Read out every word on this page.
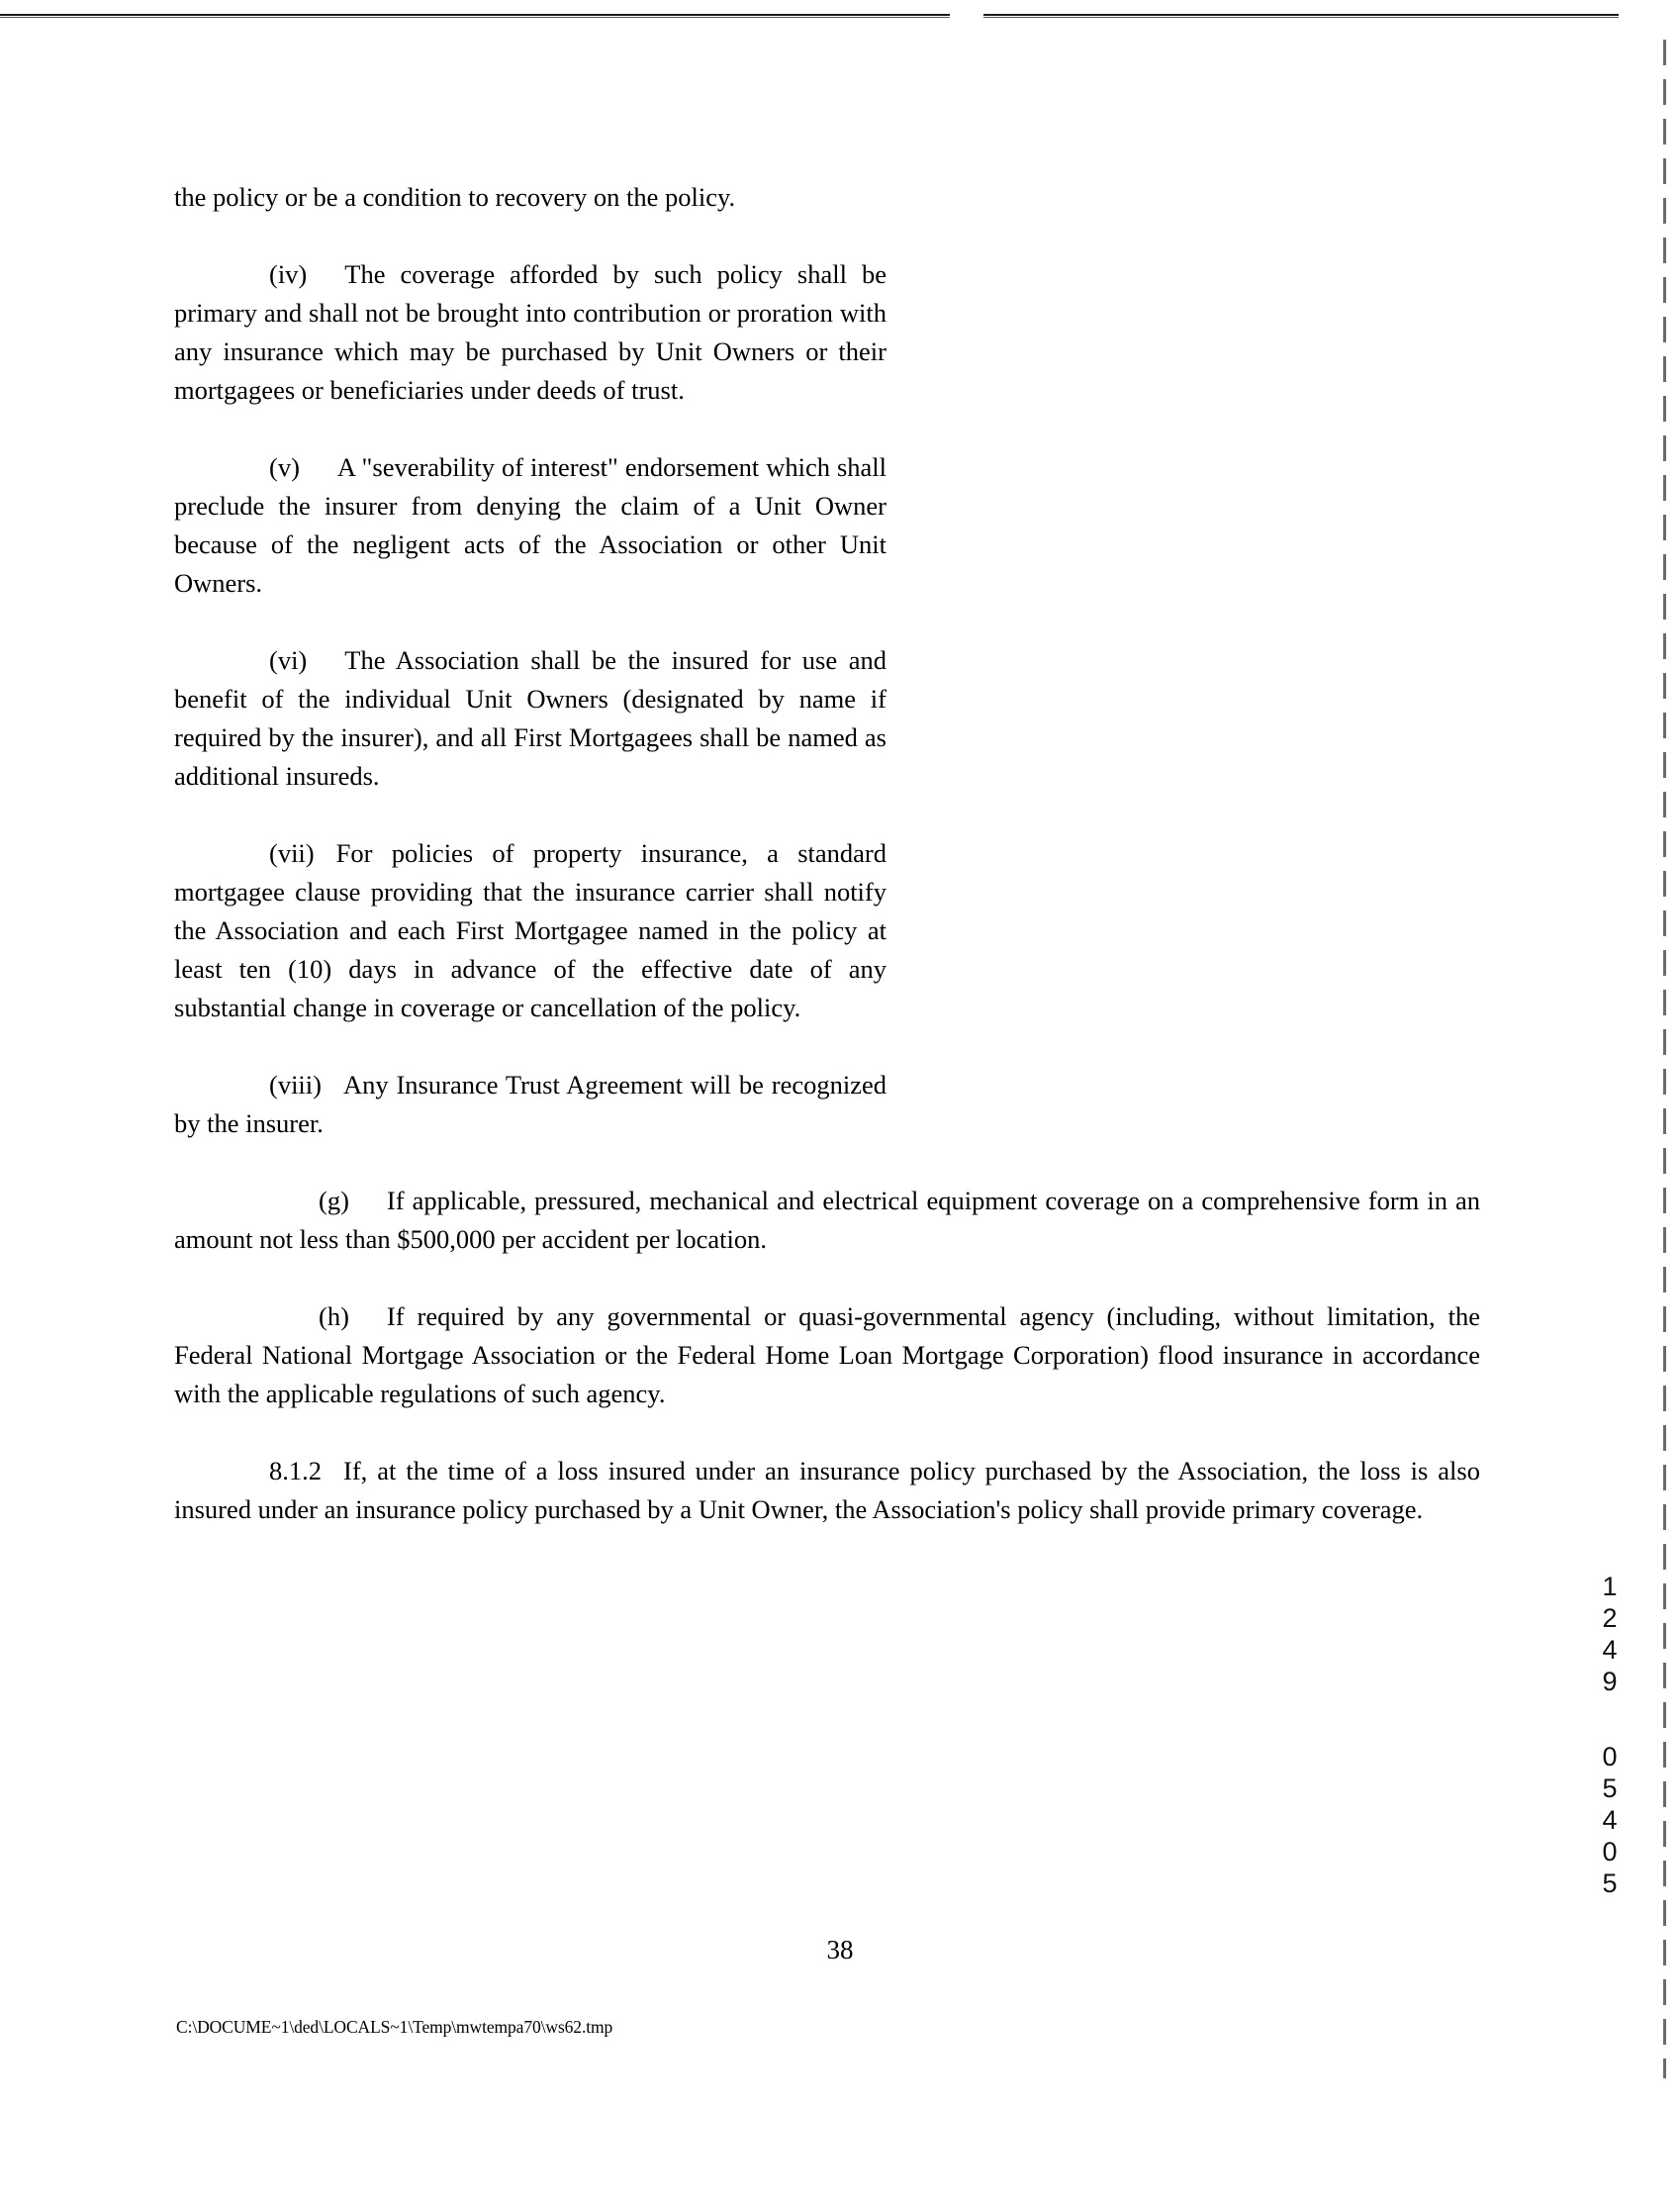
the policy or be a condition to recovery on the policy.

(iv) The coverage afforded by such policy shall be primary and shall not be brought into contribution or proration with any insurance which may be purchased by Unit Owners or their mortgagees or beneficiaries under deeds of trust.

(v) A "severability of interest" endorsement which shall preclude the insurer from denying the claim of a Unit Owner because of the negligent acts of the Association or other Unit Owners.

(vi) The Association shall be the insured for use and benefit of the individual Unit Owners (designated by name if required by the insurer), and all First Mortgagees shall be named as additional insureds.

(vii) For policies of property insurance, a standard mortgagee clause providing that the insurance carrier shall notify the Association and each First Mortgagee named in the policy at least ten (10) days in advance of the effective date of any substantial change in coverage or cancellation of the policy.

(viii) Any Insurance Trust Agreement will be recognized by the insurer.

(g) If applicable, pressured, mechanical and electrical equipment coverage on a comprehensive form in an amount not less than $500,000 per accident per location.

(h) If required by any governmental or quasi-governmental agency (including, without limitation, the Federal National Mortgage Association or the Federal Home Loan Mortgage Corporation) flood insurance in accordance with the applicable regulations of such agency.

8.1.2 If, at the time of a loss insured under an insurance policy purchased by the Association, the loss is also insured under an insurance policy purchased by a Unit Owner, the Association's policy shall provide primary coverage.

1249
05405
38
C:\DOCUME~1\ded\LOCALS~1\Temp\mwtempa70\ws62.tmp
